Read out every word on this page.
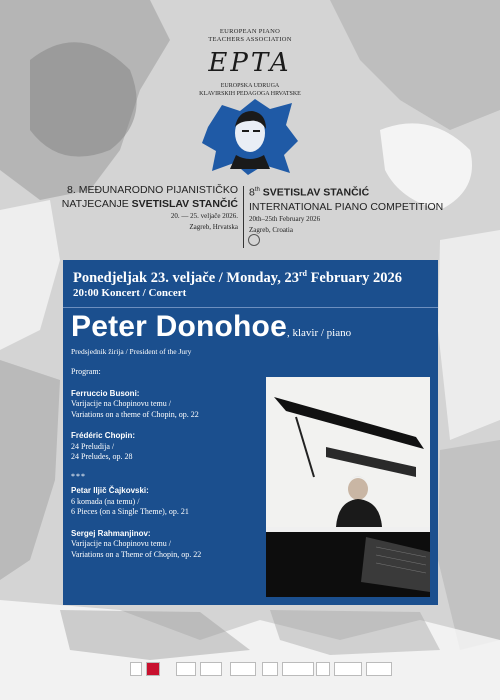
EUROPEAN PIANO
TEACHERS ASSOCIATION
EPTA
EUROPSKA UDRUGA
KLAVIRSKIH PEDAGOGA HRVATSKE
8. MEĐUNARODNO PIJANISTIČKO
NATJECANJE SVETISLAV STANČIĆ
20. — 25. veljače 2026.
Zagreb, Hrvatska
8th SVETISLAV STANČIĆ
INTERNATIONAL PIANO COMPETITION
20th–25th February 2026
Zagreb, Croatia
Ponedjeljak 23. veljače / Monday, 23rd February 2026
20:00 Koncert / Concert
Peter Donohoe, klavir / piano
Predsjednik žirija / President of the Jury
Program:
Ferruccio Busoni:
Varijacije na Chopinovu temu /
Variations on a theme of Chopin, op. 22
Frédéric Chopin:
24 Preludija /
24 Preludes, op. 28
***
Petar Iljič Čajkovski:
6 komada (na temu) /
6 Pieces (on a Single Theme), op. 21
Sergej Rahmanjinov:
Varijacije na Chopinovu temu /
Variations on a Theme of Chopin, op. 22
